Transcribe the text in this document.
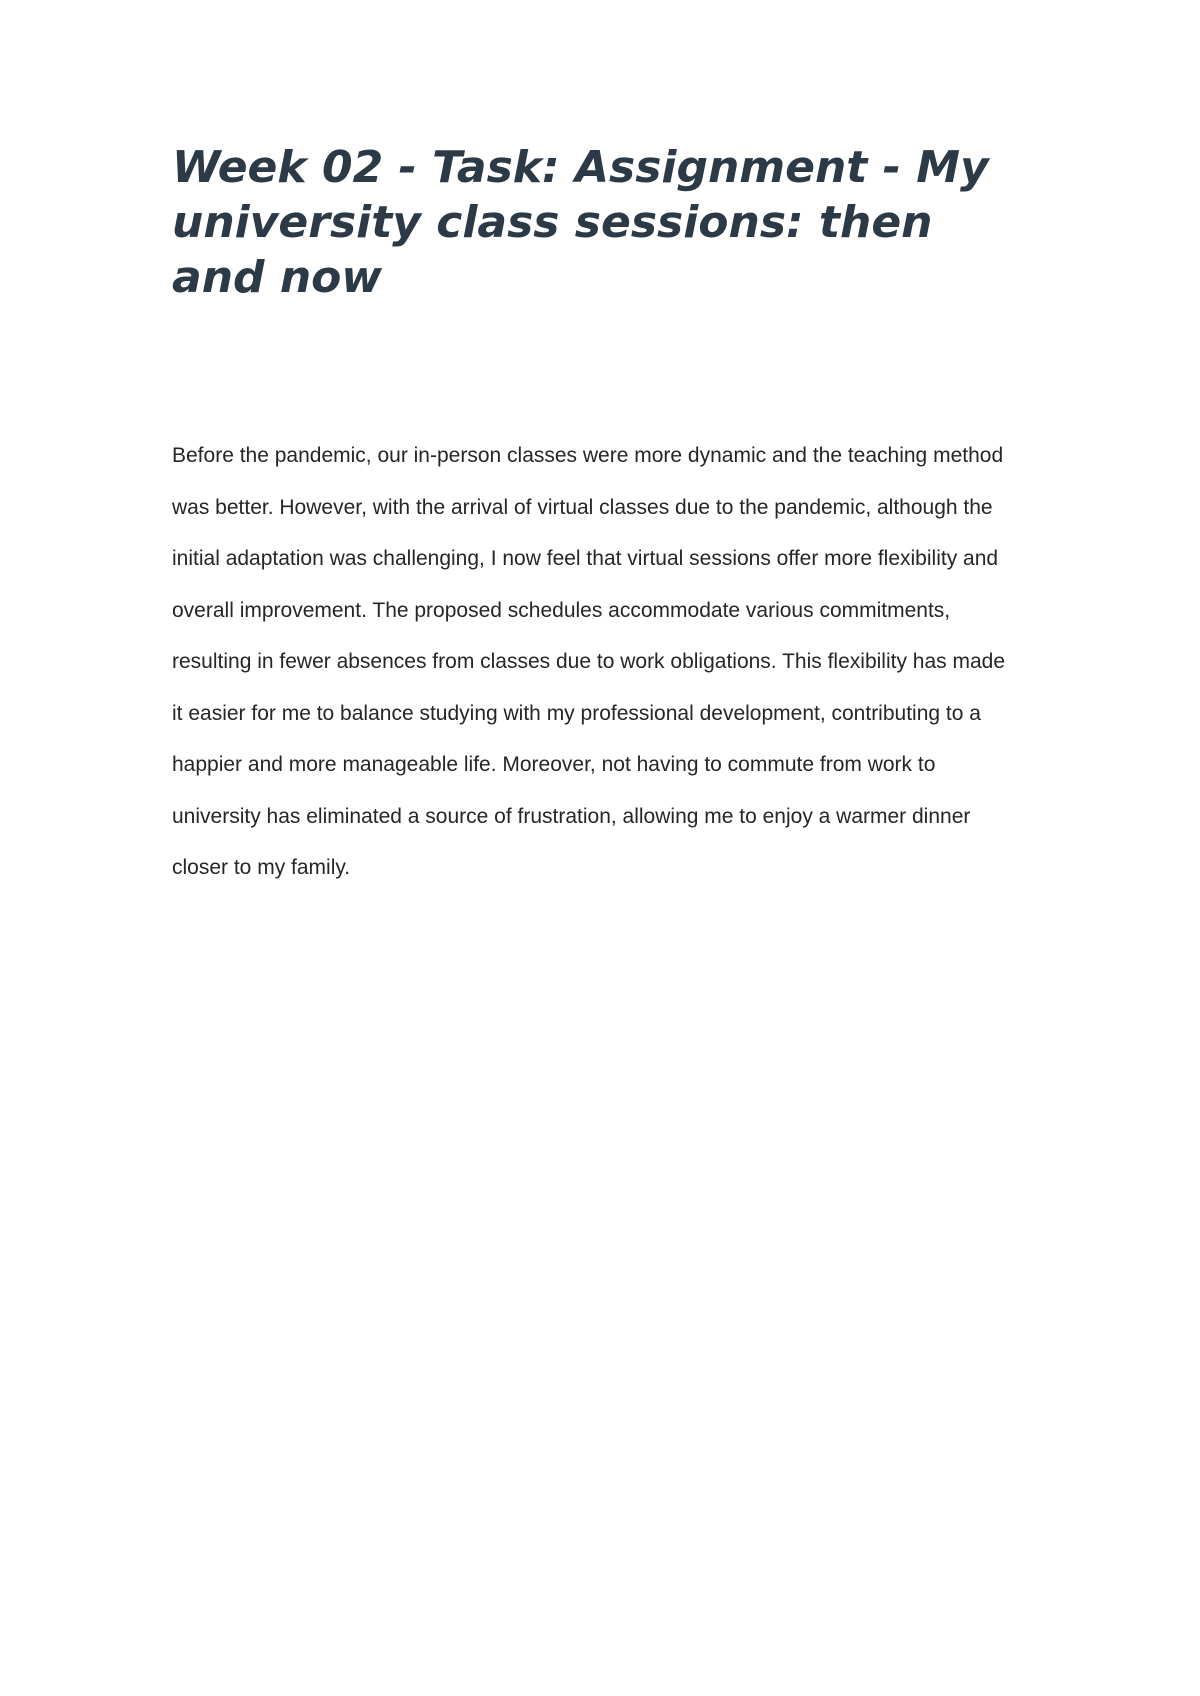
Week 02 - Task: Assignment - My university class sessions: then and now

Before the pandemic, our in-person classes were more dynamic and the teaching method was better. However, with the arrival of virtual classes due to the pandemic, although the initial adaptation was challenging, I now feel that virtual sessions offer more flexibility and overall improvement. The proposed schedules accommodate various commitments, resulting in fewer absences from classes due to work obligations. This flexibility has made it easier for me to balance studying with my professional development, contributing to a happier and more manageable life. Moreover, not having to commute from work to university has eliminated a source of frustration, allowing me to enjoy a warmer dinner closer to my family.
